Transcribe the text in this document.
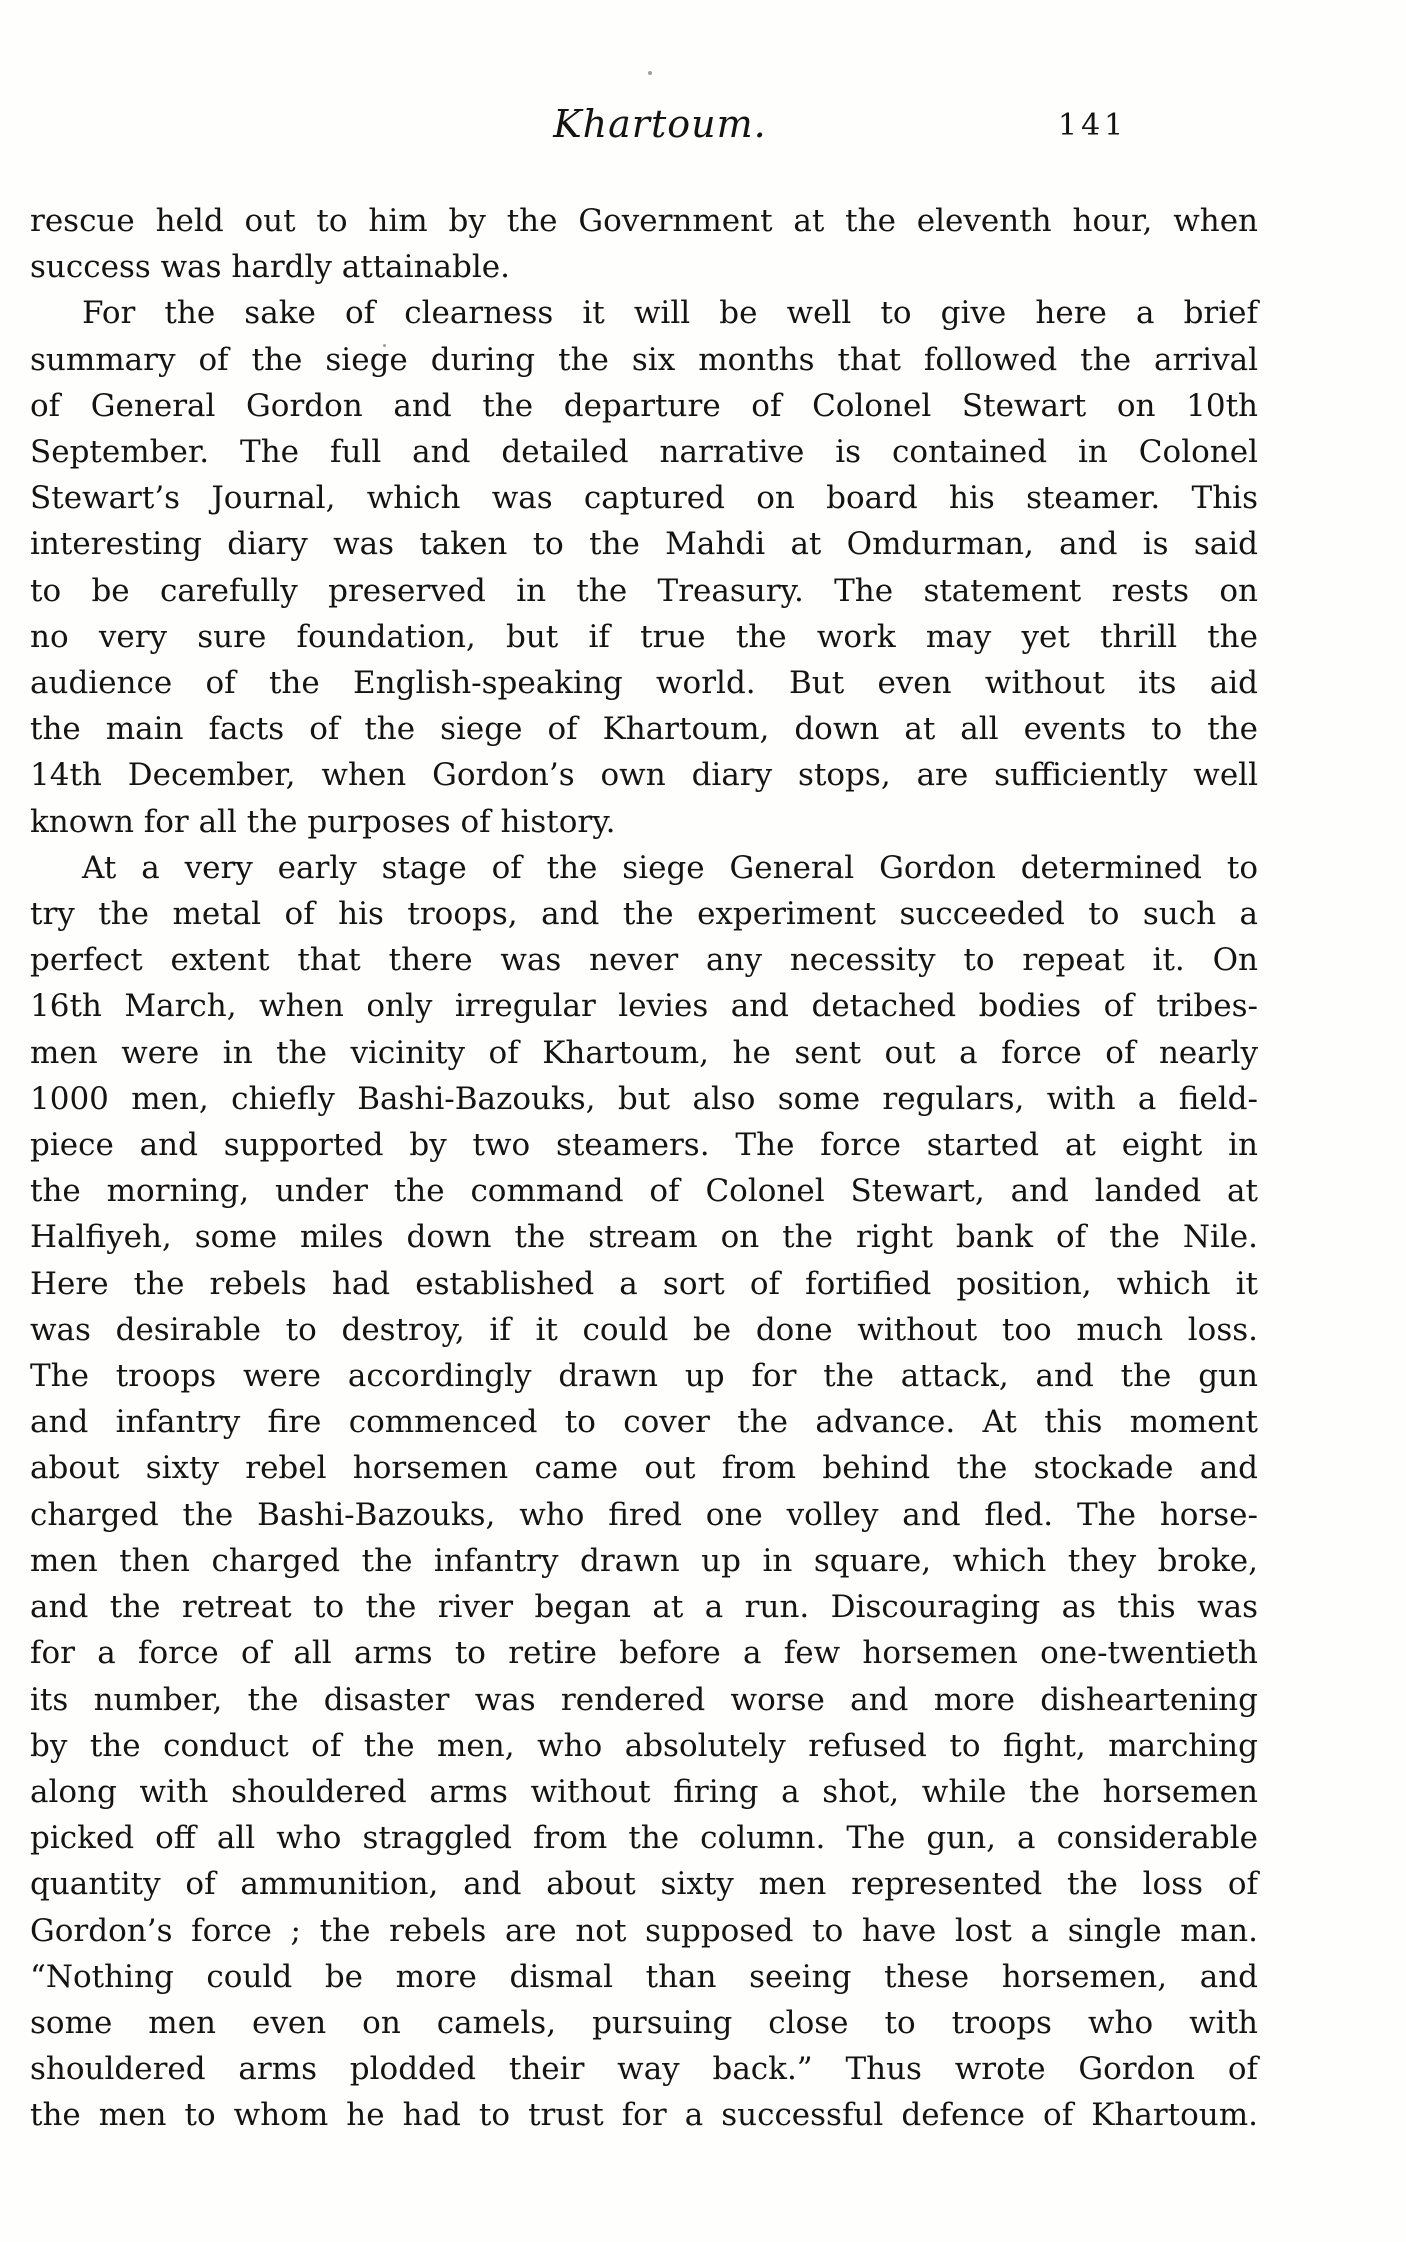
Khartoum.	141

rescue held out to him by the Government at the eleventh hour, when
success was hardly attainable.

For the sake of clearness it will be well to give here a brief
summary of the siege during the six months that followed the arrival
of General Gordon and the departure of Colonel Stewart on 10th
September. The full and detailed narrative is contained in Colonel
Stewart’s Journal, which was captured on board his steamer. This
interesting diary was taken to the Mahdi at Omdurman, and is said
to be carefully preserved in the Treasury. The statement rests on
no very sure foundation, but if true the work may yet thrill the
audience of the English-speaking world. But even without its aid
the main facts of the siege of Khartoum, down at all events to the
14th December, when Gordon’s own diary stops, are sufficiently well
known for all the purposes of history.

At a very early stage of the siege General Gordon determined to
try the metal of his troops, and the experiment succeeded to such a
perfect extent that there was never any necessity to repeat it. On
16th March, when only irregular levies and detached bodies of tribes-
men were in the vicinity of Khartoum, he sent out a force of nearly
1000 men, chiefly Bashi-Bazouks, but also some regulars, with a field-
piece and supported by two steamers. The force started at eight in
the morning, under the command of Colonel Stewart, and landed at
Halfiyeh, some miles down the stream on the right bank of the Nile.
Here the rebels had established a sort of fortified position, which it
was desirable to destroy, if it could be done without too much loss.
The troops were accordingly drawn up for the attack, and the gun
and infantry fire commenced to cover the advance. At this moment
about sixty rebel horsemen came out from behind the stockade and
charged the Bashi-Bazouks, who fired one volley and fled. The horse-
men then charged the infantry drawn up in square, which they broke,
and the retreat to the river began at a run. Discouraging as this was
for a force of all arms to retire before a few horsemen one-twentieth
its number, the disaster was rendered worse and more disheartening
by the conduct of the men, who absolutely refused to fight, marching
along with shouldered arms without firing a shot, while the horsemen
picked off all who straggled from the column. The gun, a considerable
quantity of ammunition, and about sixty men represented the loss of
Gordon’s force ; the rebels are not supposed to have lost a single man.
“Nothing could be more dismal than seeing these horsemen, and
some men even on camels, pursuing close to troops who with
shouldered arms plodded their way back.” Thus wrote Gordon of
the men to whom he had to trust for a successful defence of Khartoum.
